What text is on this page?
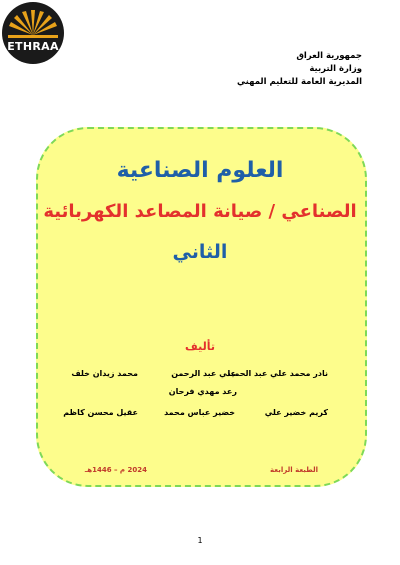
ETHRAA
جمهورية العراق
وزارة التربية
المديرية العامة للتعليم المهني
العلوم الصناعية
الصناعي / صيانة المصاعد الكهربائية
الثاني
تأليف
نادر محمد علي عبد الحميد
علي عبد الرحمن
محمد زيدان خلف
رعد مهدي فرحان
كريم خضير علي
خضير عباس محمد
عقيل محسن كاظم
الطبعة الرابعة
2024 م – 1446هـ
1
